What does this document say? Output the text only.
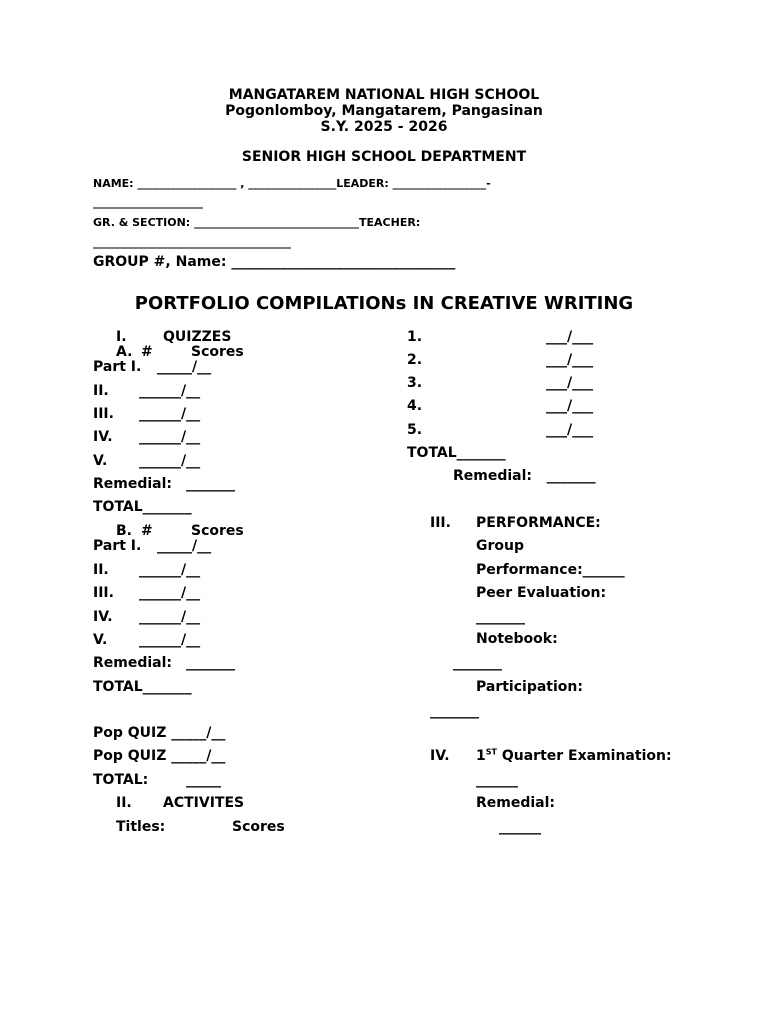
MANGATAREM NATIONAL HIGH SCHOOL
Pogonlomboy, Mangatarem, Pangasinan
S.Y. 2025 - 2026
SENIOR HIGH SCHOOL DEPARTMENT
NAME: __________________ , ________________LEADER: _________________-
____________________
GR. & SECTION: ______________________________TEACHER:
____________________________________
GROUP #, Name: ________________________________
PORTFOLIO COMPILATIONs IN CREATIVE WRITING
I.	QUIZZES
A. #	Scores
Part I. _____/__
II. ______/__
III. ______/__
IV. ______/__
V. ______/__
Remedial: _______
TOTAL_______
B. #	Scores
Part I. _____/__
II. ______/__
III. ______/__
IV. ______/__
V. ______/__
Remedial: _______
TOTAL_______
Pop QUIZ _____/__
Pop QUIZ _____/__
TOTAL:	_____
II. ACTIVITES
Titles:	Scores
1.	___/___
2.	___/___
3.	___/___
4.	___/___
5.	___/___
TOTAL_______
Remedial:   _______
III. PERFORMANCE:
Group
Performance:______
Peer Evaluation:
_______
Notebook:
_______
Participation:
_______
IV. 1ST Quarter Examination:
______
Remedial:
______
